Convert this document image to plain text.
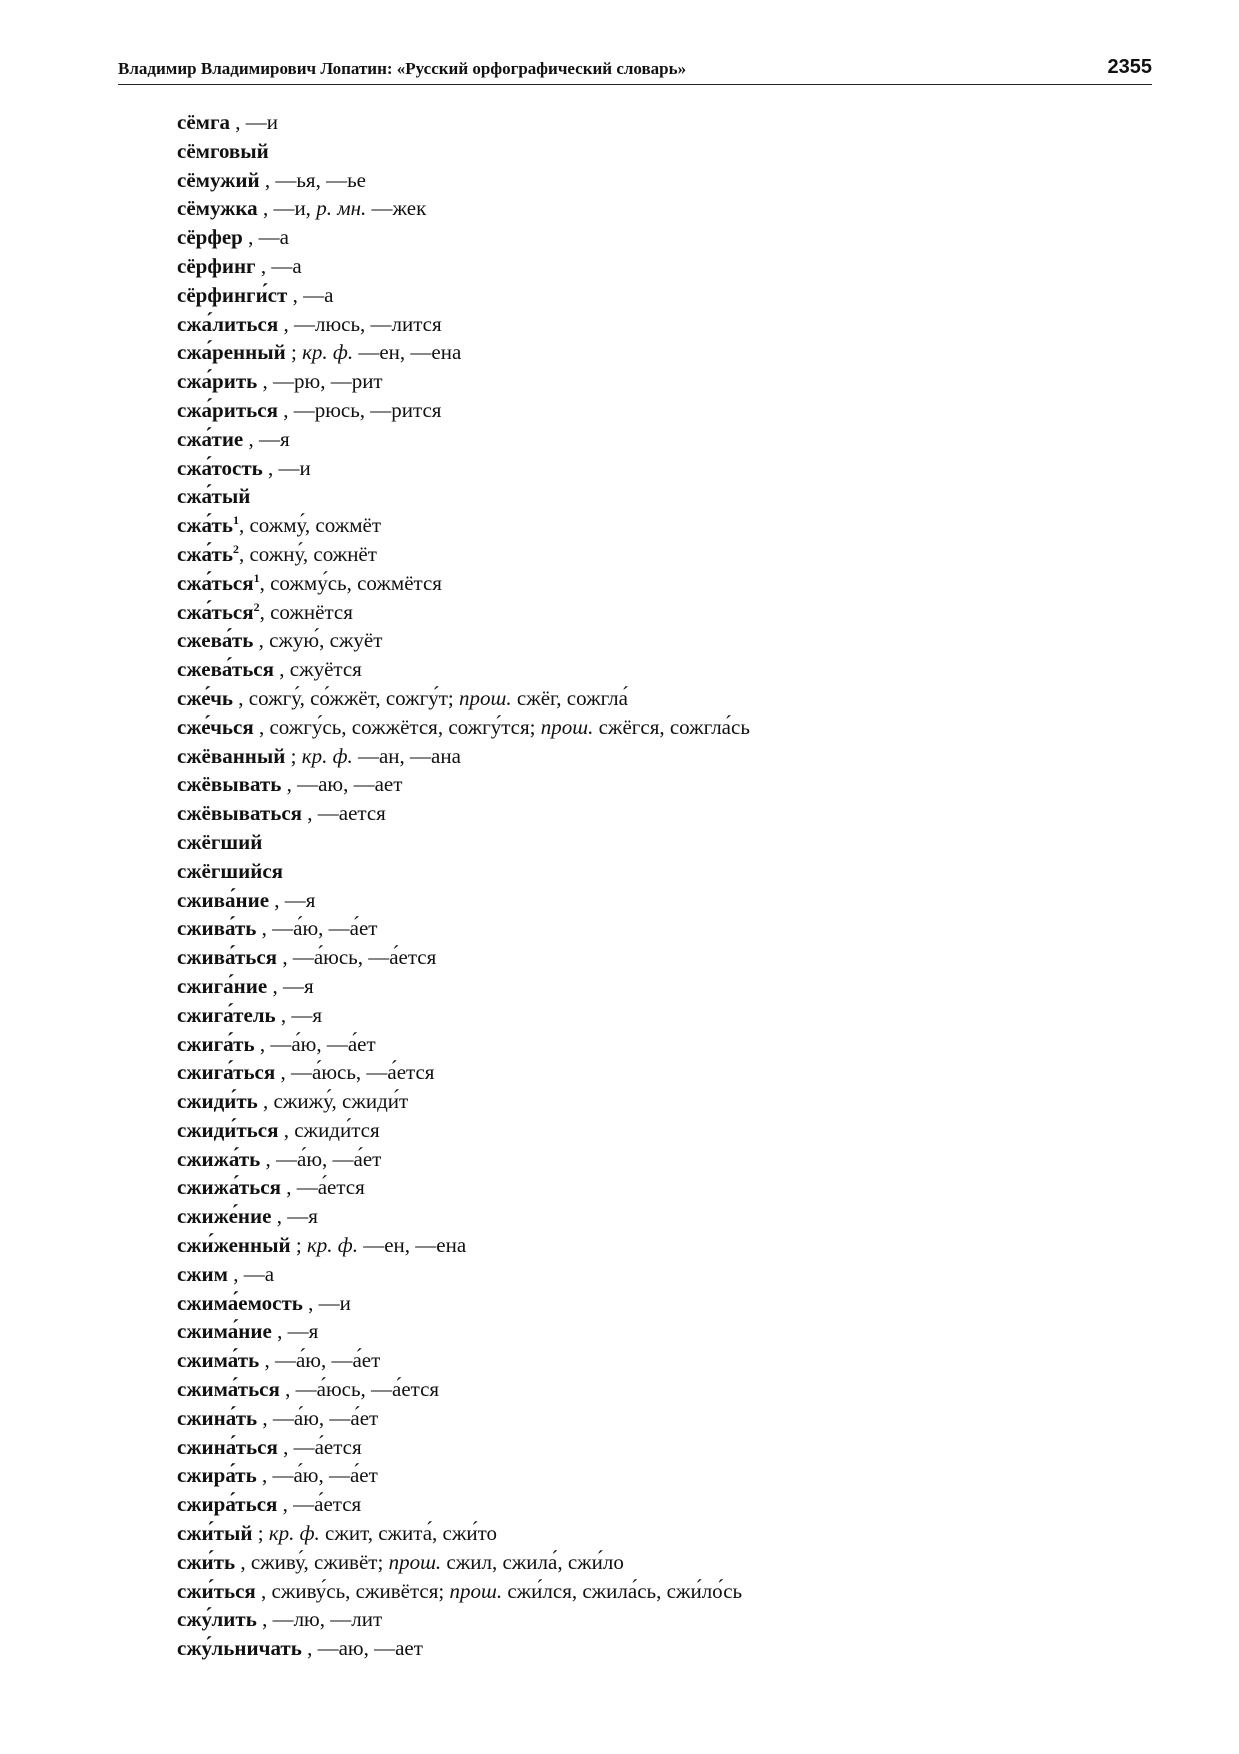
Владимир Владимирович Лопатин: «Русский орфографический словарь»	2355
сёмга , —и
сёмговый
сёмужий , —ья, —ье
сёмужка , —и, р. мн. —жек
сёрфер , —а
сёрфинг , —а
сёрфинги́ст , —а
сжа́литься , —люсь, —лится
сжа́ренный ; кр. ф. —ен, —ена
сжа́рить , —рю, —рит
сжа́риться , —рюсь, —рится
сжа́тие , —я
сжа́тость , —и
сжа́тый
$сжа́ть^1$, сожму́, сожмёт
$сжа́ть^2$, сожну́, сожнёт
сжа́ться$^1$, сожму́сь, сожмётся
сжа́ться$^2$, сожнётся
сжева́ть , сжую́, сжуёт
сжева́ться , сжуётся
сже́чь , сожгу́, со́жжёт, сожгу́т; прош. сжёг, сожгла́
сже́чься , сожгу́сь, сожжётся, сожгу́тся; прош. сжёгся, сожгла́сь
сжёванный ; кр. ф. —ан, —ана
сжёвывать , —аю, —ает
сжёвываться , —ается
сжёгший
сжёгшийся
сжива́ние , —я
сжива́ть , —а́ю, —а́ет
сжива́ться , —а́юсь, —а́ется
сжига́ние , —я
сжига́тель , —я
сжига́ть , —а́ю, —а́ет
сжига́ться , —а́юсь, —а́ется
сжиди́ть , сжижу́, сжиди́т
сжиди́ться , сжиди́тся
сжижа́ть , —а́ю, —а́ет
сжижа́ться , —а́ется
сжиже́ние , —я
сжи́женный ; кр. ф. —ен, —ена
сжим , —а
сжима́емость , —и
сжима́ние , —я
сжима́ть , —а́ю, —а́ет
сжима́ться , —а́юсь, —а́ется
сжина́ть , —а́ю, —а́ет
сжина́ться , —а́ется
сжира́ть , —а́ю, —а́ет
сжира́ться , —а́ется
сжи́тый ; кр. ф. сжит, сжита́, сжи́то
сжи́ть , сживу́, сживёт; прош. сжил, сжила́, сжи́ло
сжи́ться , сживу́сь, сживётся; прош. сжи́лся, сжила́сь, сжи́ло́сь
сжу́лить , —лю, —лит
сжу́льничать , —аю, —ает
